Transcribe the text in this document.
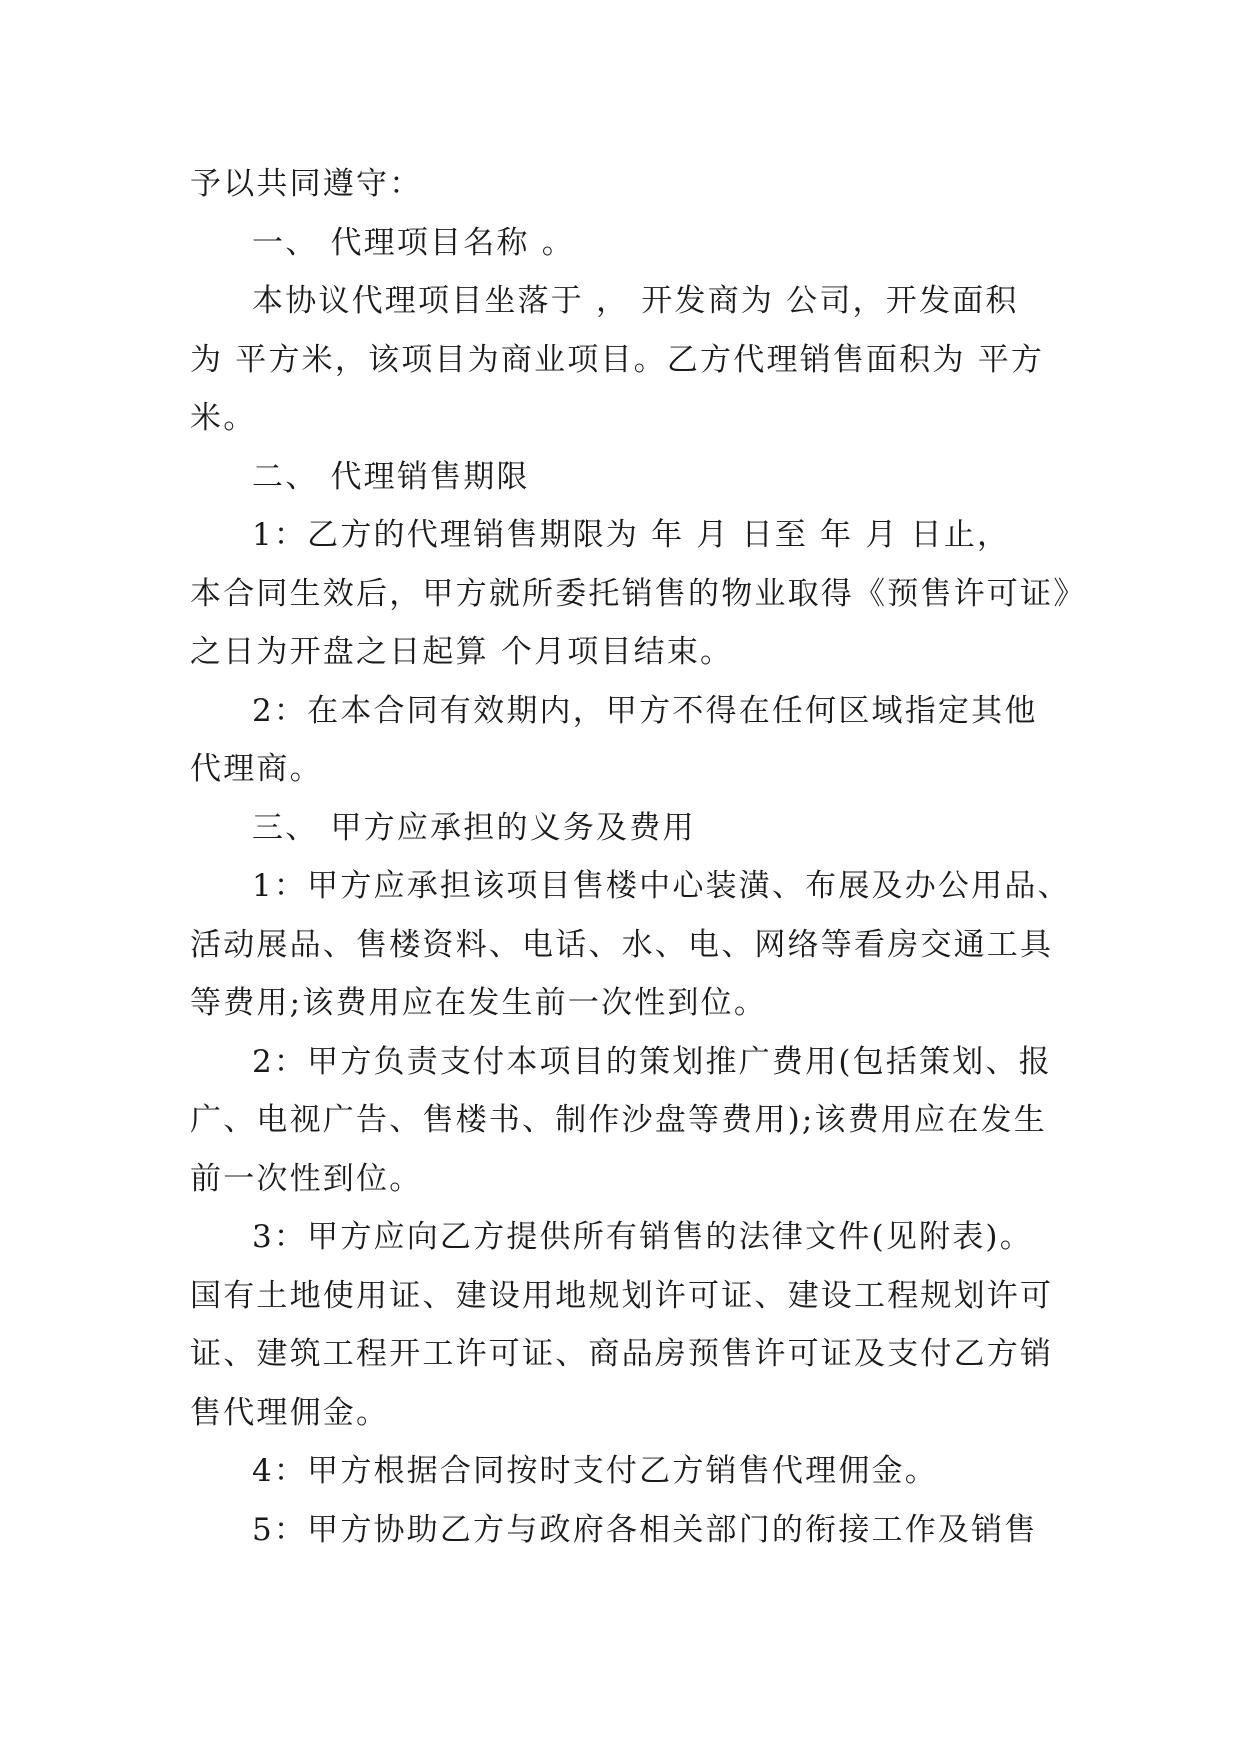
予以共同遵守：
一、 代理项目名称 。
本协议代理项目坐落于 ， 开发商为 公司，开发面积
为 平方米，该项目为商业项目。乙方代理销售面积为 平方
米。
二、 代理销售期限
1：乙方的代理销售期限为 年 月 日至 年 月 日止，
本合同生效后，甲方就所委托销售的物业取得《预售许可证》
之日为开盘之日起算 个月项目结束。
2：在本合同有效期内，甲方不得在任何区域指定其他
代理商。
三、 甲方应承担的义务及费用
1：甲方应承担该项目售楼中心装潢、布展及办公用品、
活动展品、售楼资料、电话、水、电、网络等看房交通工具
等费用;该费用应在发生前一次性到位。
2：甲方负责支付本项目的策划推广费用(包括策划、报
广、电视广告、售楼书、制作沙盘等费用);该费用应在发生
前一次性到位。
3：甲方应向乙方提供所有销售的法律文件(见附表)。
国有土地使用证、建设用地规划许可证、建设工程规划许可
证、建筑工程开工许可证、商品房预售许可证及支付乙方销
售代理佣金。
4：甲方根据合同按时支付乙方销售代理佣金。
5：甲方协助乙方与政府各相关部门的衔接工作及销售
